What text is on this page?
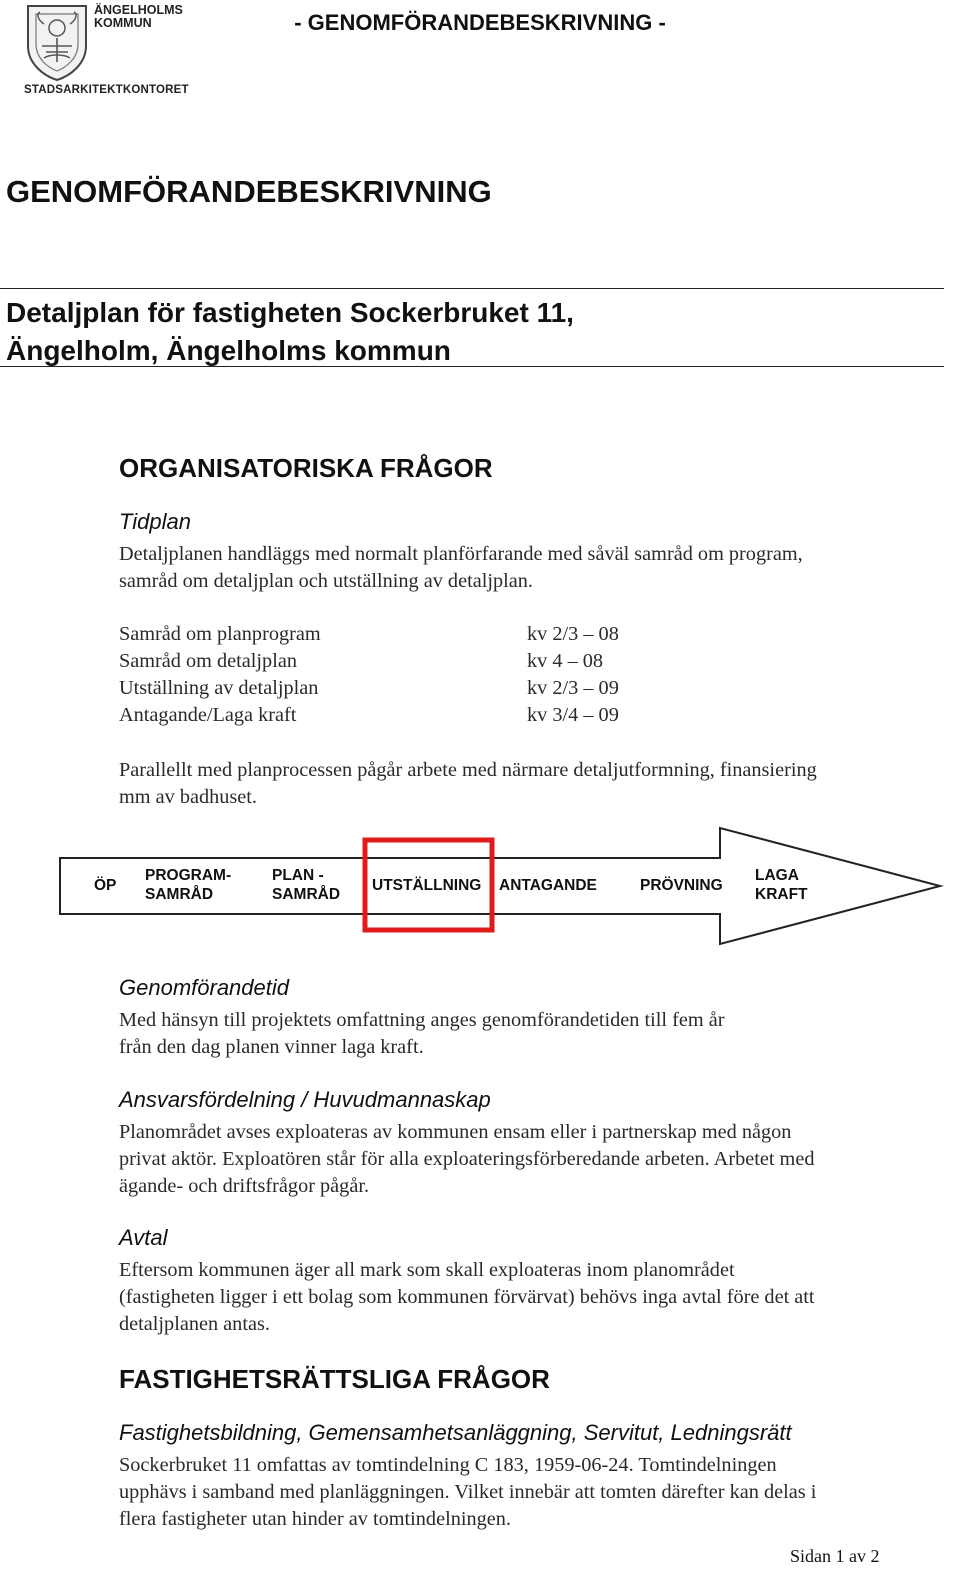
ÄNGELHOLMS
KOMMUN
STADSARKITEKTKONTORET
- GENOMFÖRANDEBESKRIVNING -
GENOMFÖRANDEBESKRIVNING
Detaljplan för fastigheten Sockerbruket 11,
Ängelholm, Ängelholms kommun
ORGANISATORISKA FRÅGOR
Tidplan
Detaljplanen handläggs med normalt planförfarande med såväl samråd om program,
samråd om detaljplan och utställning av detaljplan.
Samråd om planprogram	kv 2/3 – 08
Samråd om detaljplan	kv 4 – 08
Utställning av detaljplan	kv 2/3 – 09
Antagande/Laga kraft	kv 3/4 – 09
Parallellt med planprocessen pågår arbete med närmare detaljutformning, finansiering
mm av badhuset.
ÖP
PROGRAM-
SAMRÅD
PLAN -
SAMRÅD
UTSTÄLLNING ANTAGANDE	PRÖVNING
LAGA
KRAFT
Genomförandetid
Med hänsyn till projektets omfattning anges genomförandetiden till fem år
från den dag planen vinner laga kraft.
Ansvarsfördelning / Huvudmannaskap
Planområdet avses exploateras av kommunen ensam eller i partnerskap med någon
privat aktör. Exploatören står för alla exploateringsförberedande arbeten. Arbetet med
ägande- och driftsfrågor pågår.
Avtal
Eftersom kommunen äger all mark som skall exploateras inom planområdet
(fastigheten ligger i ett bolag som kommunen förvärvat) behövs inga avtal före det att
detaljplanen antas.
FASTIGHETSRÄTTSLIGA FRÅGOR
Fastighetsbildning, Gemensamhetsanläggning, Servitut, Ledningsrätt
Sockerbruket 11 omfattas av tomtindelning C 183, 1959-06-24. Tomtindelningen
upphävs i samband med planläggningen. Vilket innebär att tomten därefter kan delas i
flera fastigheter utan hinder av tomtindelningen.
Sidan 1 av 2
